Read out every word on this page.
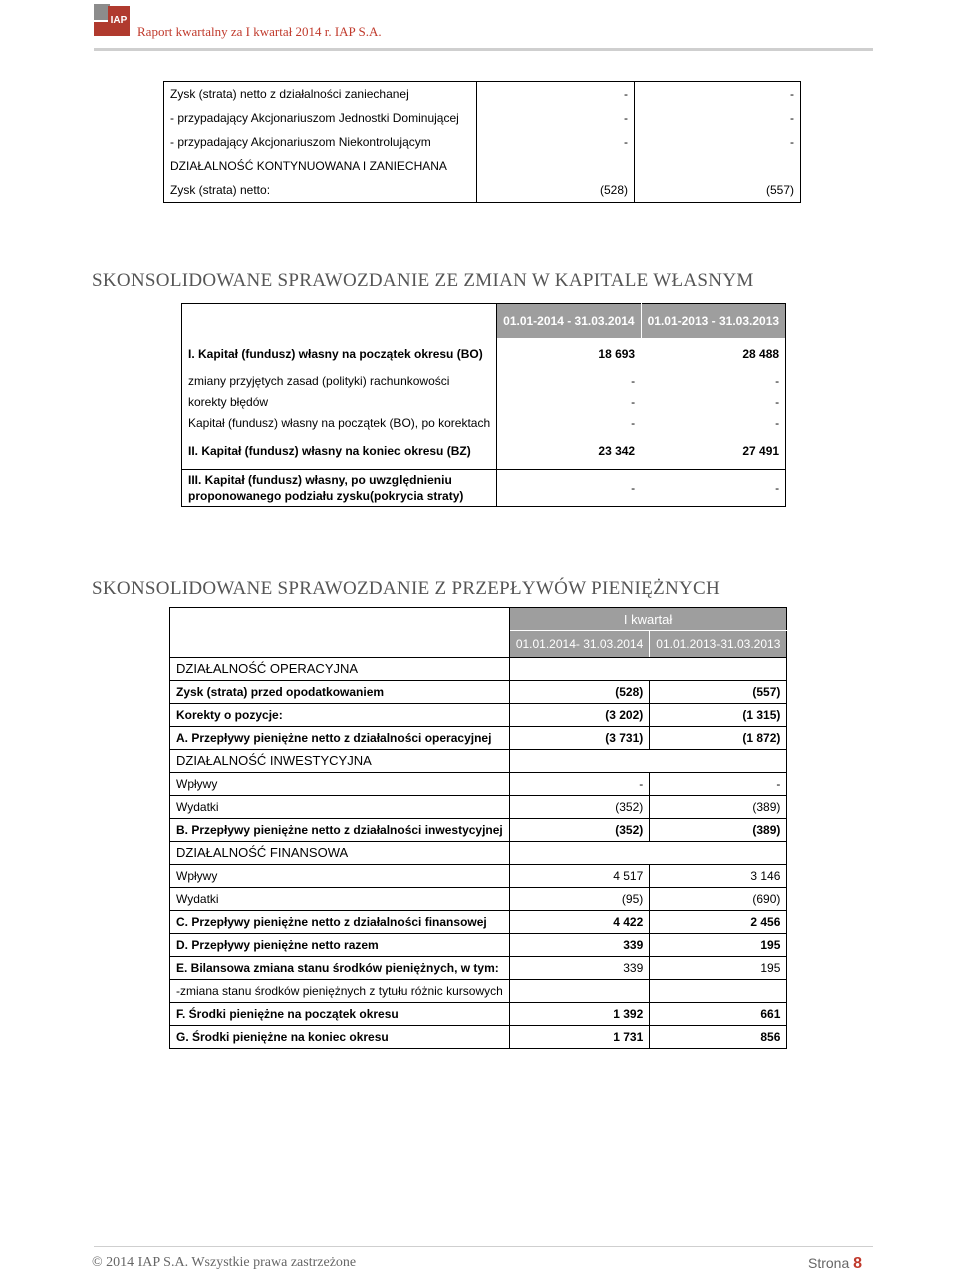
IAP
Raport kwartalny za I kwartał 2014 r. IAP S.A.
Zysk (strata) netto z działalności zaniechanej	-	-
- przypadający Akcjonariuszom Jednostki Dominującej	-	-
- przypadający Akcjonariuszom Niekontrolującym	-	-
DZIAŁALNOŚĆ KONTYNUOWANA I ZANIECHANA		
Zysk (strata) netto:	(528)	(557)
SKONSOLIDOWANE SPRAWOZDANIE ZE ZMIAN W KAPITALE WŁASNYM
	01.01-2014 - 31.03.2014	01.01-2013 - 31.03.2013
I. Kapitał (fundusz) własny na początek okresu (BO)	18 693	28 488
zmiany przyjętych zasad (polityki) rachunkowości	-	-
korekty błędów	-	-
Kapitał (fundusz) własny na początek (BO), po korektach	-	-
II. Kapitał (fundusz) własny na koniec okresu (BZ)	23 342	27 491

III. Kapitał (fundusz) własny, po uwzględnieniu
proponowanego podziału zysku(pokrycia straty)	-	-
SKONSOLIDOWANE SPRAWOZDANIE Z PRZEPŁYWÓW PIENIĘŻNYCH
	I kwartał	
	01.01.2014- 31.03.2014	01.01.2013-31.03.2013
DZIAŁALNOŚĆ OPERACYJNA		
Zysk (strata) przed opodatkowaniem	(528)	(557)
Korekty o pozycje:	(3 202)	(1 315)
A. Przepływy pieniężne netto z działalności operacyjnej	(3 731)	(1 872)
DZIAŁALNOŚĆ INWESTYCYJNA		
Wpływy	-	-
Wydatki	(352)	(389)
B. Przepływy pieniężne netto z działalności inwestycyjnej	(352)	(389)
DZIAŁALNOŚĆ FINANSOWA		
Wpływy	4 517	3 146
Wydatki	(95)	(690)
C. Przepływy pieniężne netto z działalności finansowej	4 422	2 456
D. Przepływy pieniężne netto razem	339	195
E. Bilansowa zmiana stanu środków pieniężnych, w tym:	339	195
-zmiana stanu środków pieniężnych z tytułu różnic kursowych		
F. Środki pieniężne na początek okresu	1 392	661
G. Środki pieniężne na koniec okresu	1 731	856
© 2014 IAP S.A. Wszystkie prawa zastrzeżone	Strona 8
